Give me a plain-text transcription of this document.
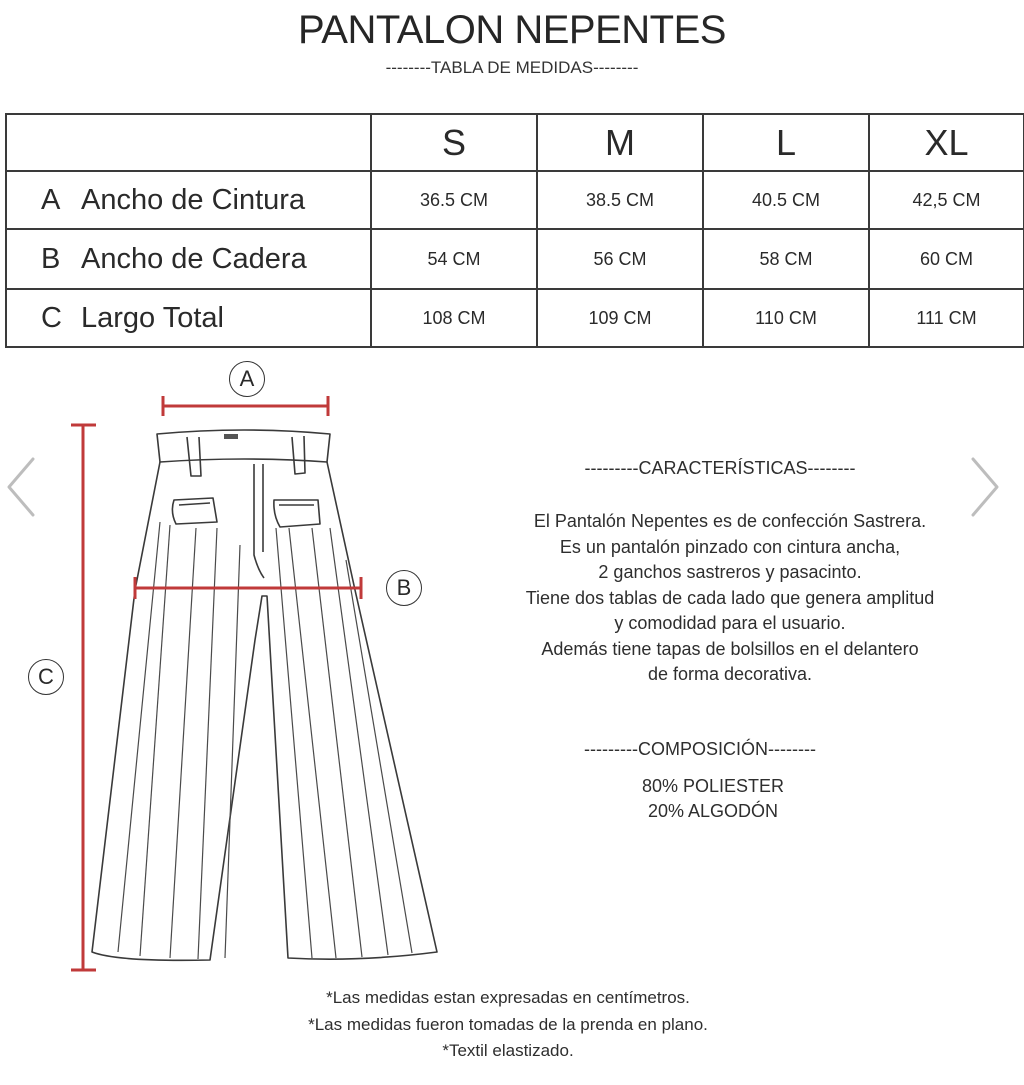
PANTALON NEPENTES
--------TABLA DE MEDIDAS--------
	S	M	L	XL
A Ancho de Cintura	36.5 CM	38.5 CM	40.5 CM	42,5 CM
B Ancho de Cadera	54 CM	56 CM	58 CM	60 CM
C Largo Total	108 CM	109 CM	110 CM	111 CM
A
B
C
---------CARACTERÍSTICAS--------
El Pantalón Nepentes es de confección Sastrera.
Es un pantalón pinzado con cintura ancha,
2 ganchos sastreros y pasacinto.
Tiene dos tablas de cada lado que genera amplitud
y comodidad para el usuario.
Además tiene tapas de bolsillos en el delantero
de forma decorativa.
---------COMPOSICIÓN--------
80% POLIESTER
20% ALGODÓN
*Las medidas estan expresadas en centímetros.
*Las medidas fueron tomadas de la prenda en plano.
*Textil elastizado.
